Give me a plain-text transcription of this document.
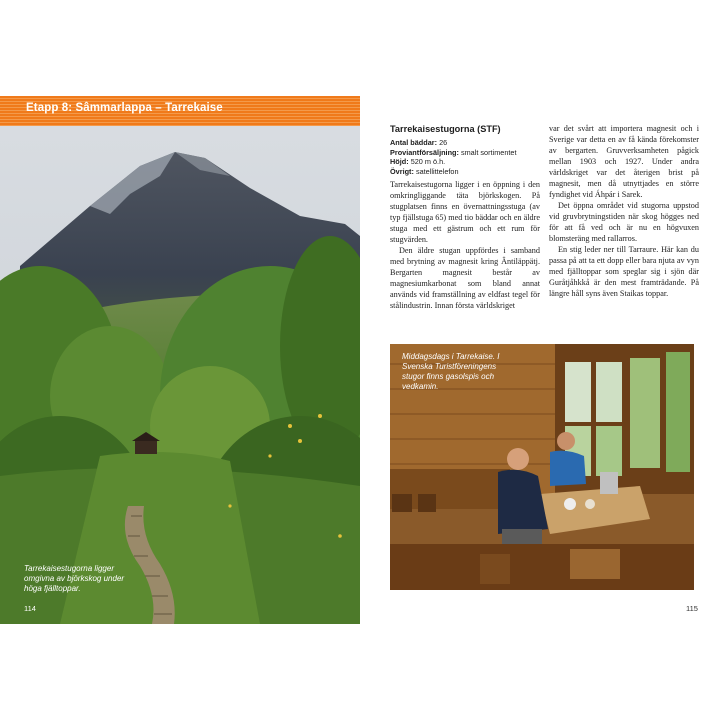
Etapp 8: Sâmmarlappa – Tarrekaise
Tarrekaisestugorna ligger omgivna av björkskog under höga fjälltoppar.
114
Tarrekaisestugorna (STF)
Antal bäddar: 26
Proviantförsäljning: smalt sortimentet
Höjd: 520 m ö.h.
Övrigt: satellittelefon

Tarrekaisestugorna ligger i en öppning i den omkringliggande täta björkskogen. På stugplatsen finns en övernattningsstuga (av typ fjällstuga 65) med tio bäddar och en äldre stuga med ett gästrum och ett rum för stugvärden.

Den äldre stugan uppfördes i samband med brytning av magnesit kring Ântiläppätj. Bergarten magnesit består av magnesiumkarbonat som bland annat används vid framställning av eldfast tegel för stålindustrin. Innan första världskriget

var det svårt att importera magnesit och i Sverige var detta en av få kända förekomster av bergarten. Gruvverksamheten pågick mellan 1903 och 1927. Under andra världskriget var det återigen brist på magnesit, men då utnyttjades en större fyndighet vid Áhpár i Sarek.

Det öppna området vid stugorna uppstod vid gruvbrytningstiden när skog högges ned för att få ved och är nu en högvuxen blomsteräng med rallarros.

En stig leder ner till Tarraure. Här kan du passa på att ta ett dopp eller bara njuta av vyn med fjälltoppar som speglar sig i sjön där Guråtjåhkkå är den mest framträdande. På längre håll syns även Staikas toppar.

Middagsdags i Tarrekaise. I Svenska Turistföreningens stugor finns gasolspis och vedkamin.
115
